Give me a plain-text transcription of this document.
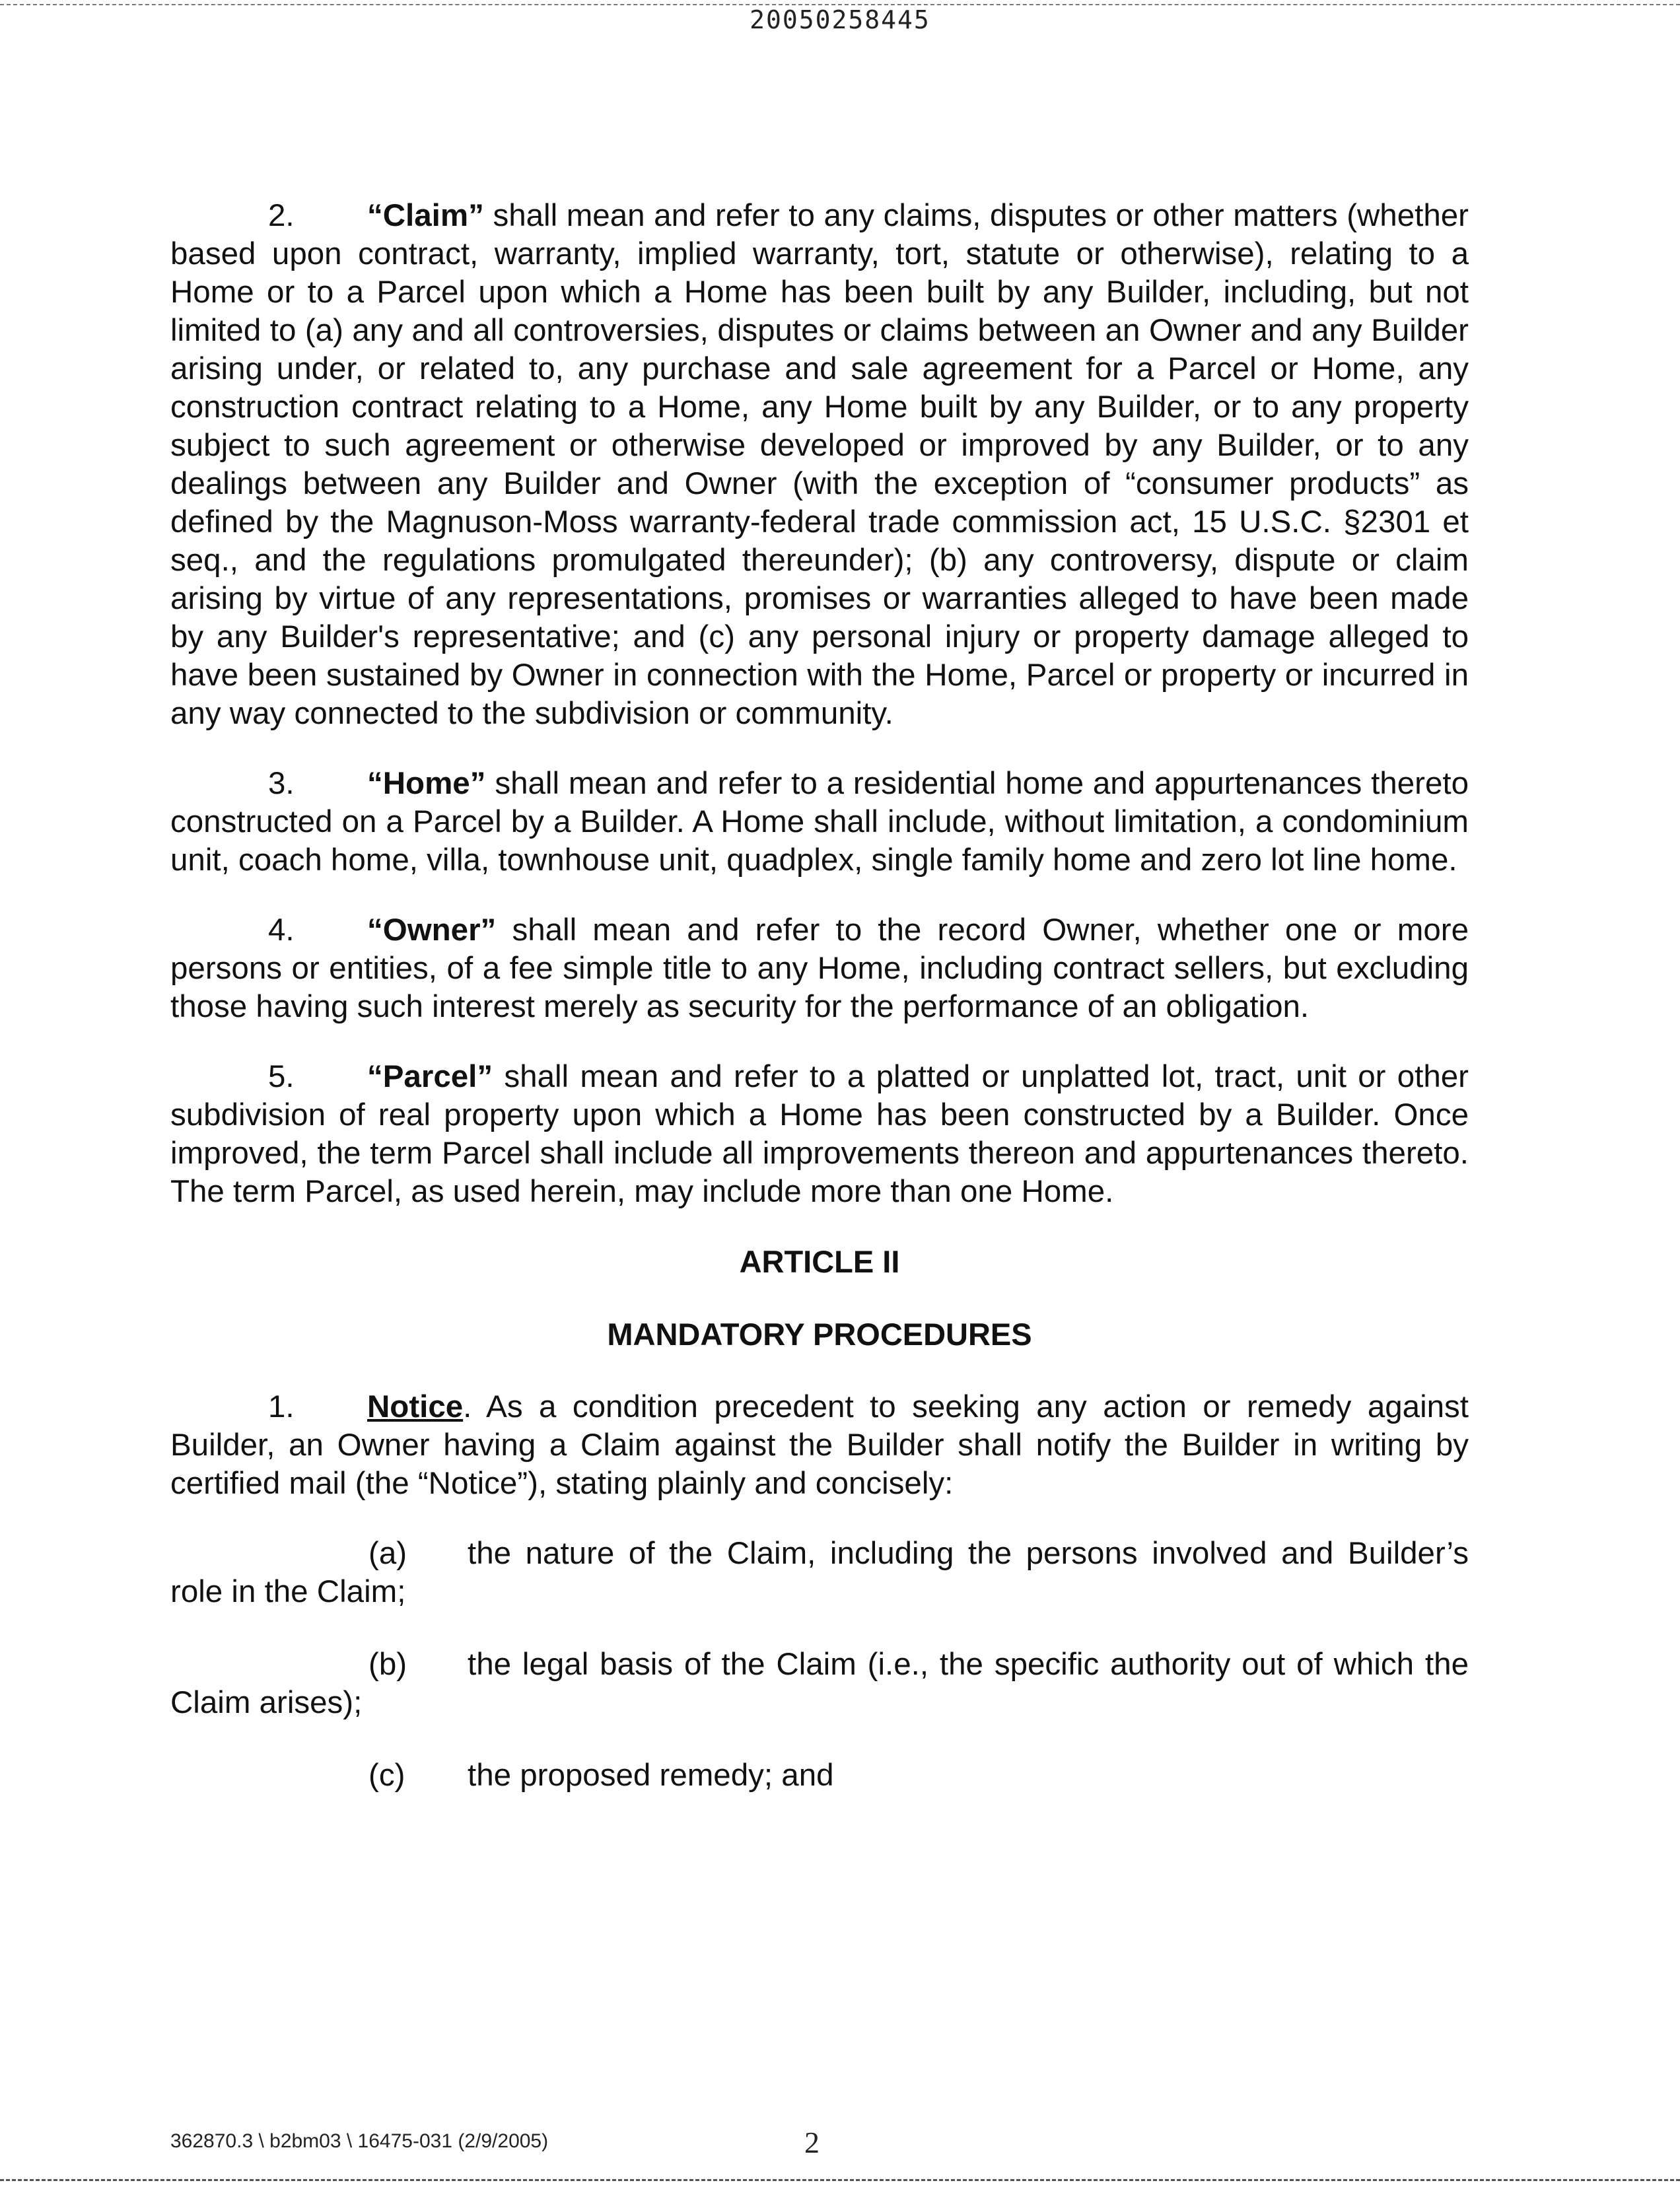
20050258445

2. “Claim” shall mean and refer to any claims, disputes or other matters (whether based upon contract, warranty, implied warranty, tort, statute or otherwise), relating to a Home or to a Parcel upon which a Home has been built by any Builder, including, but not limited to (a) any and all controversies, disputes or claims between an Owner and any Builder arising under, or related to, any purchase and sale agreement for a Parcel or Home, any construction contract relating to a Home, any Home built by any Builder, or to any property subject to such agreement or otherwise developed or improved by any Builder, or to any dealings between any Builder and Owner (with the exception of “consumer products” as defined by the Magnuson-Moss warranty-federal trade commission act, 15 U.S.C. §2301 et seq., and the regulations promulgated thereunder); (b) any controversy, dispute or claim arising by virtue of any representations, promises or warranties alleged to have been made by any Builder's representative; and (c) any personal injury or property damage alleged to have been sustained by Owner in connection with the Home, Parcel or property or incurred in any way connected to the subdivision or community.

3. “Home” shall mean and refer to a residential home and appurtenances thereto constructed on a Parcel by a Builder. A Home shall include, without limitation, a condominium unit, coach home, villa, townhouse unit, quadplex, single family home and zero lot line home.

4. “Owner” shall mean and refer to the record Owner, whether one or more persons or entities, of a fee simple title to any Home, including contract sellers, but excluding those having such interest merely as security for the performance of an obligation.

5. “Parcel” shall mean and refer to a platted or unplatted lot, tract, unit or other subdivision of real property upon which a Home has been constructed by a Builder. Once improved, the term Parcel shall include all improvements thereon and appurtenances thereto. The term Parcel, as used herein, may include more than one Home.

ARTICLE II
MANDATORY PROCEDURES

1. Notice. As a condition precedent to seeking any action or remedy against Builder, an Owner having a Claim against the Builder shall notify the Builder in writing by certified mail (the “Notice”), stating plainly and concisely:

(a) the nature of the Claim, including the persons involved and Builder’s role in the Claim;

(b) the legal basis of the Claim (i.e., the specific authority out of which the Claim arises);

(c) the proposed remedy; and

362870.3 \ b2bm03 \ 16475-031 (2/9/2005)	2
